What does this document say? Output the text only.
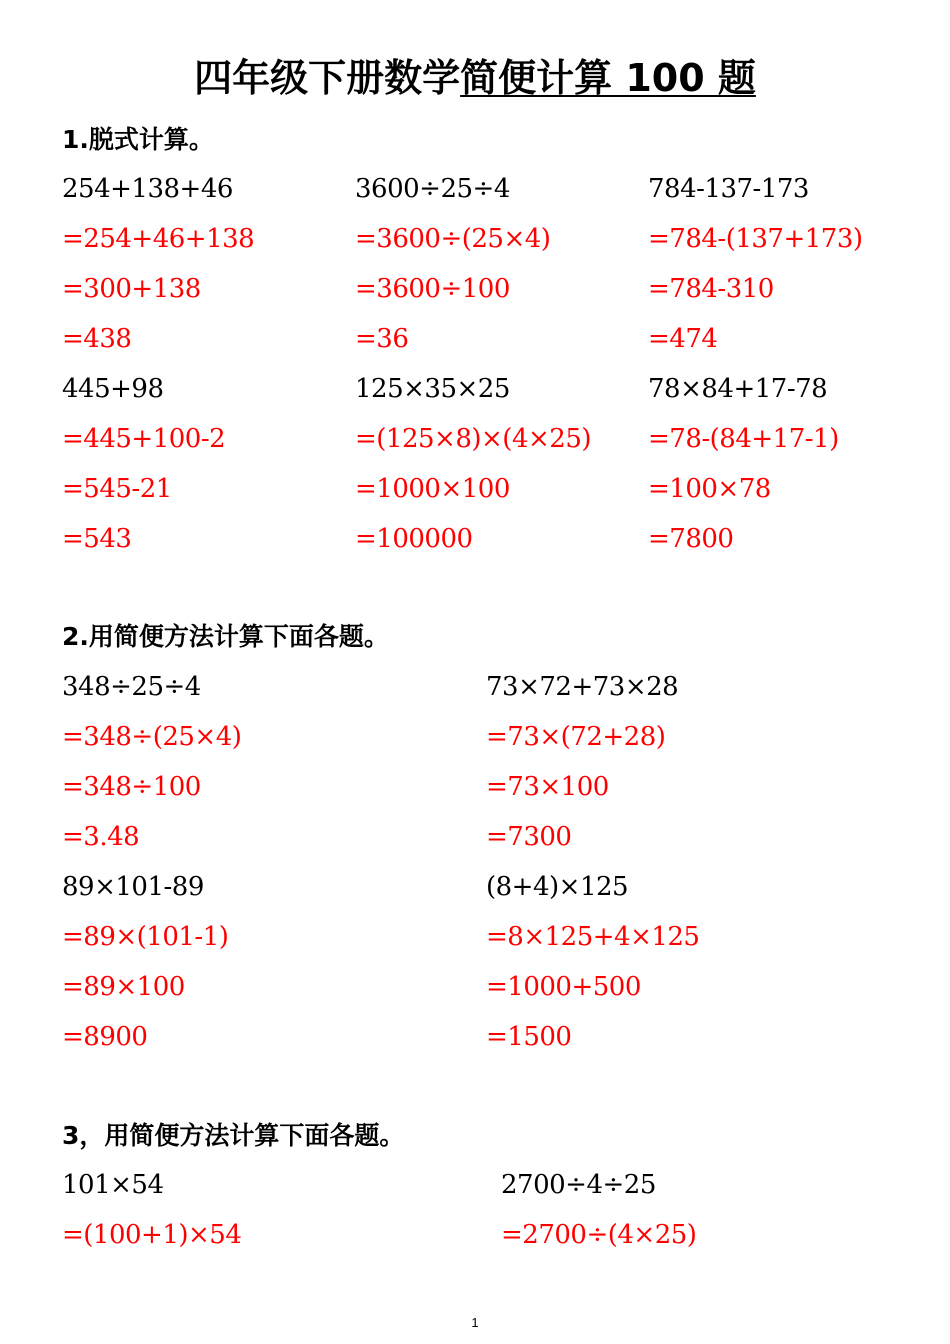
四年级下册数学简便计算 100 题
1.脱式计算。
254+138+46
=254+46+138
=300+138
=438
445+98
=445+100-2
=545-21
=543
3600÷25÷4
=3600÷(25×4)
=3600÷100
=36
125×35×25
=(125×8)×(4×25)
=1000×100
=100000
784-137-173
=784-(137+173)
=784-310
=474
78×84+17-78
=78-(84+17-1)
=100×78
=7800
2.用简便方法计算下面各题。
348÷25÷4
=348÷(25×4)
=348÷100
=3.48
89×101-89
=89×(101-1)
=89×100
=8900
73×72+73×28
=73×(72+28)
=73×100
=7300
(8+4)×125
=8×125+4×125
=1000+500
=1500
3，用简便方法计算下面各题。
101×54
=(100+1)×54
2700÷4÷25
=2700÷(4×25)
1
